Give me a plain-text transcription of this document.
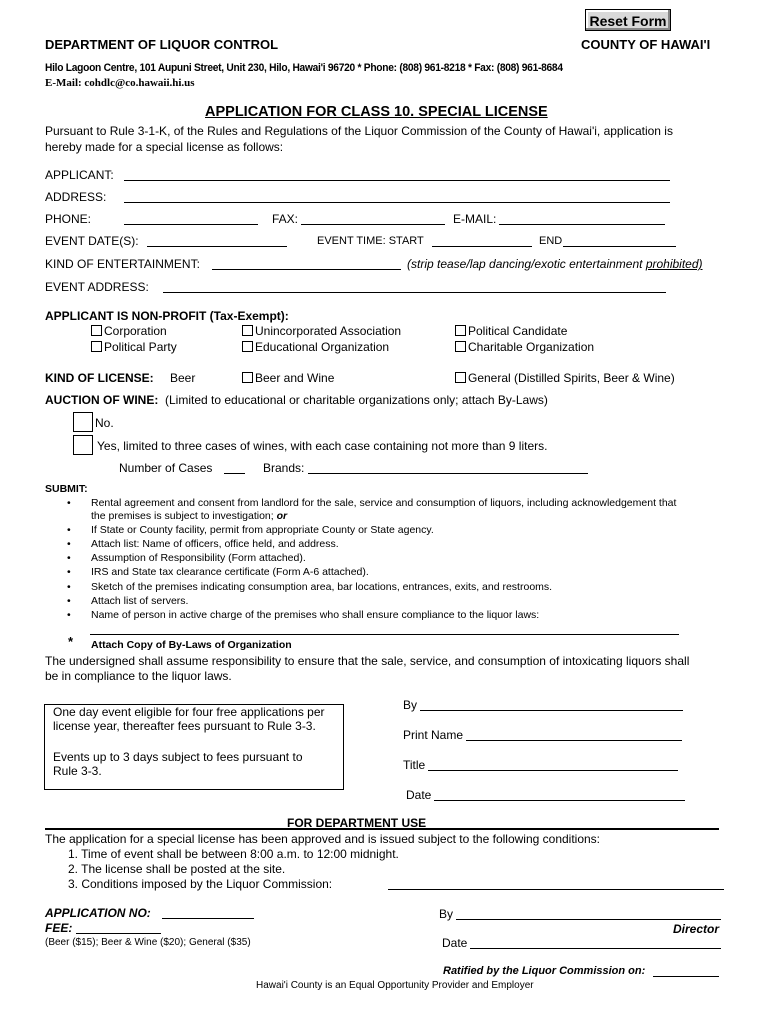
Reset Form
DEPARTMENT OF LIQUOR CONTROL	COUNTY OF HAWAI'I
Hilo Lagoon Centre, 101 Aupuni Street, Unit 230, Hilo, Hawai'i 96720 * Phone: (808) 961-8218 * Fax: (808) 961-8684
E-Mail: cohdlc@co.hawaii.hi.us
APPLICATION FOR CLASS 10. SPECIAL LICENSE
Pursuant to Rule 3-1-K, of the Rules and Regulations of the Liquor Commission of the County of Hawai'i, application is
hereby made for a special license as follows:
APPLICANT:
ADDRESS:
PHONE:	FAX:	E-MAIL:
EVENT DATE(S):	EVENT TIME: START	END
KIND OF ENTERTAINMENT:	(strip tease/lap dancing/exotic entertainment prohibited)
EVENT ADDRESS:
APPLICANT IS NON-PROFIT (Tax-Exempt):
Corporation	Unincorporated Association	Political Candidate
Political Party	Educational Organization	Charitable Organization
KIND OF LICENSE: Beer	Beer and Wine	General (Distilled Spirits, Beer & Wine)
AUCTION OF WINE: (Limited to educational or charitable organizations only; attach By-Laws)
No.
Yes, limited to three cases of wines, with each case containing not more than 9 liters.
Number of Cases	Brands:
SUBMIT:
• Rental agreement and consent from landlord for the sale, service and consumption of liquors, including acknowledgement that
the premises is subject to investigation; or
• If State or County facility, permit from appropriate County or State agency.
• Attach list: Name of officers, office held, and address.
• Assumption of Responsibility (Form attached).
• IRS and State tax clearance certificate (Form A-6 attached).
• Sketch of the premises indicating consumption area, bar locations, entrances, exits, and restrooms.
• Attach list of servers.
• Name of person in active charge of the premises who shall ensure compliance to the liquor laws:
* Attach Copy of By-Laws of Organization
The undersigned shall assume responsibility to ensure that the sale, service, and consumption of intoxicating liquors shall
be in compliance to the liquor laws.
One day event eligible for four free applications per
license year, thereafter fees pursuant to Rule 3-3.
Events up to 3 days subject to fees pursuant to
Rule 3-3.
By
Print Name
Title
Date
FOR DEPARTMENT USE
The application for a special license has been approved and is issued subject to the following conditions:
1. Time of event shall be between 8:00 a.m. to 12:00 midnight.
2. The license shall be posted at the site.
3. Conditions imposed by the Liquor Commission:
APPLICATION NO:
FEE:
(Beer ($15); Beer & Wine ($20); General ($35)
By
Director
Date
Ratified by the Liquor Commission on:
Hawai'i County is an Equal Opportunity Provider and Employer
